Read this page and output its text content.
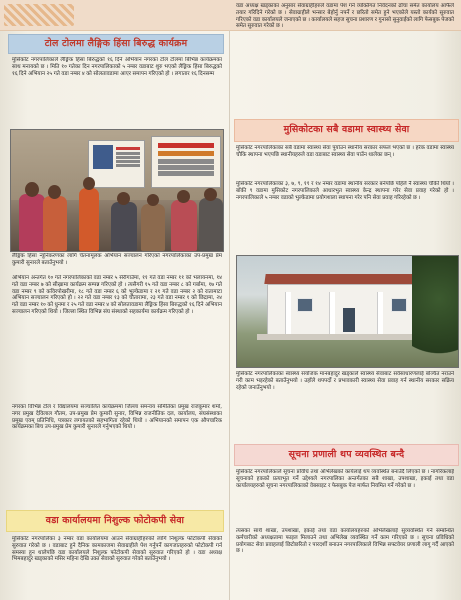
टोल टोलमा लैङ्गिक हिंसा बिरुद्ध कार्यक्रम
मुसिकोट नगरपालिकाले लैङ्गिक हिंसा बिरुद्धको १६ दिने अभियान नगरका टोल टोलमा बिभिन्न कार्यक्रमका साथ मनायको छ । मिति १० गतेका दिन नगरपालिकाको ५ नम्बर वडाबाट शुरु भएको लैङ्गिक हिंसा बिरुद्धको १६ दिने अभियान २५ गते वडा नम्बर ४ को सोलतावडामा आएर समापन गरिएको हो । लगातार १६ दिनसम्म
लैङ्गिक हिंसा न्यूनिकरणका लागि चेतनामूलक अभियान सञ्चालन गरिएको नगरपालिकाका उप-प्रमुख प्रेम कुमारी सुनारले बताउँनुभयो ।
अभियान अन्तर्गत १० गते नगरपालिकाको वडा नम्बर ५ सेरीगाउँमा, ११ गते वडा नम्बर ११ को भलायनमा, १४ गते वडा नम्बर ७ को सीख्रामा कार्यक्रम सम्पन्न गरिएको हो । त्यसैगरी १५ गते वडा नम्बर ८ को गर्बामा, १७ गते वडा नम्बर ९ को कविरपोखरीमा, १८ गते वडा नम्बर ६ को भुल्केडामा र २१ गते वडा नम्बर २ को रातामाटा अभियान सञ्चालन गरिएको हो । २२ गते वडा नम्बर १३ को चौतारामा, २३ गते वडा नम्बर १ को छिद्रामा, २४ गते वडा नम्बर १० को धुनमा र २५ गते वडा नम्बर ४ को सोलतावडामा लैङ्गिक हिंसा बिरुद्धको १६ दिने अभियान सञ्चालन गरिएको थियो । जिल्ला स्थित विभिन्न संघ संस्थाको सहकार्यमा कार्यक्रम गरिएको हो ।
नगरका विभिन्न टोल र विद्यालयमा सञ्चालित कार्यक्रममा जिल्ला समन्वय समितिका प्रमुख राजकुमार शर्मा, नगर प्रमुख देविलाल गौतम, उप-प्रमुख प्रेम कुमारी सुनार, विभिन्न राजनीतिक दल, कार्यालय, संघसंस्थाका प्रमुख एवम् प्रतिनिधि, पत्रकार लगायतको सहभागिता रहेको थियो । अभियानको समापन एक औपचारिक कार्यक्रमका बिच उप-प्रमुख प्रेम कुमारी सुनारले गर्नुभएको थियो ।
वडा कार्यालयमा निशुल्क फोटोकपी सेवा
मुसिकोट नगरपालिका ३ नम्बर वडा कार्यालयमा आउने सेवाग्राहीहरुको लागि निशुल्क फोटोकपी सेवाको सुरुवात गरेको छ । वडाबाट हुने दैनिक कामकाजमा सेवाग्राहीले पेश गर्नुपर्ने कागजातहरुको फोटोकपी गर्न समस्या हुन थालेपछि वडा कार्यालयले निशुल्क फोटोकपी सेवाको सुरुवात गरिएको हो । वडा अध्यक्ष भिमबहादुर खड्काको मसिर महिना देखि उक्त सेवाको सुरुवात गरेको बताउँनुभयो ।
वडा अध्यक्ष खड्काका अनुसार सेवाग्राहीहरुले वडामा पेश गर्ने व्यक्तिगत निवेदनको ढाँचा समेत कार्यालय आफैले तयार गरिदिने गरेको छ । सेवाग्राहीले भन्सार बेहोर्नु नपर्ने र छरितो समेत हुने भएकोले यस्तो कार्यको सुरुवात गरिएको वडा कार्यालयले जनाएको छ । कार्यालयले सहज सुचना प्रशारण र गुनासो सुनुवाईको लागि फेसबुक पेजको समेत सुरुवात गरेको छ ।
मुसिकोटका सबै वडामा स्वास्थ्य सेवा
मुसिकोट नगरपालिकाका सबै वडामा स्वास्थ्य सेवा पुर्याउन स्थानीय सरकार सफल भएको छ । हरेक वडामा स्वास्थ्य चौकि स्थापना भएपछि स्थानीयहरुले वडा वडाबाट स्वास्थ्य सेवा पाउँन थालेका छन् ।
मुसिकोट नगरपालिकाका ३, ७, ९, ११ र १४ नम्बर वडामा स्थानीय सरकार बनेपछि पहिले नै स्वास्थ्य चौकी थियो । बाँकी ९ वडामा मुसिकोट नगरपालिकाले आधारभुत स्वास्थ्य केन्द्र स्थापना गरेर सेवा प्रवाह गरेको हो । नगरपालिकाले ५ नम्बर वडाको भुल्केडामा प्रयोगशाला स्थापना गरेर पनि सेवा प्रवाह गरिरहेको छ ।
मुसिकोट नगरपालिकाका स्वास्थ्य संयोजक मानबहादुर खड्काले स्वास्थ्य सेवाबाट सर्वसाधारणलाई बञ्चित नराउने गरी काम भइरहेको बताउँनुभयो । उहाँले थपपर्दो र प्रभावकारी स्वास्थ्य सेवा प्रवाह गर्न स्थानीय सरकार सक्रिय रहेको जनाउँनुभयो ।
सूचना प्रणाली थप व्यवस्थित बन्दै
मुसिकोट नगरपालिकाले सूचना प्रविधि तथा अभिलेखको कार्यलाई थप व्यवस्थित बनाउँदै लिएको छ । नागरिकलाई सूचनाको हकको प्रत्याभूत गर्ने उद्देश्यले नगरपालिका अन्तर्गतका सबै शाखा, उपशाखा, इकाई तथा वडा कार्यालयहरुको सूचना नगरपालिकाको वेबसाइट र फेसबुक पेज मार्फत नियमित गर्ने गरेको छ ।
त्यसका साथै शाखा, उपशाखा, इकाई तथा वडा कार्यालयहरुको अभिलेखलाई सुव्यवस्थित गर्न सम्बन्धित कर्मचारीको अध्यक्षतामा फाइल मिलाउने तथा अभिलेख व्यवस्थित गर्ने काम गरिएको छ । सूचना प्रविधिको प्रयोगबाट सेवा प्रवाहलाई छिटोछरितो र पारदर्शी बनाउन नगरपालिकाले विभिन्न सफ्टवेयर प्रणाली लागू गर्दै आएको छ ।
